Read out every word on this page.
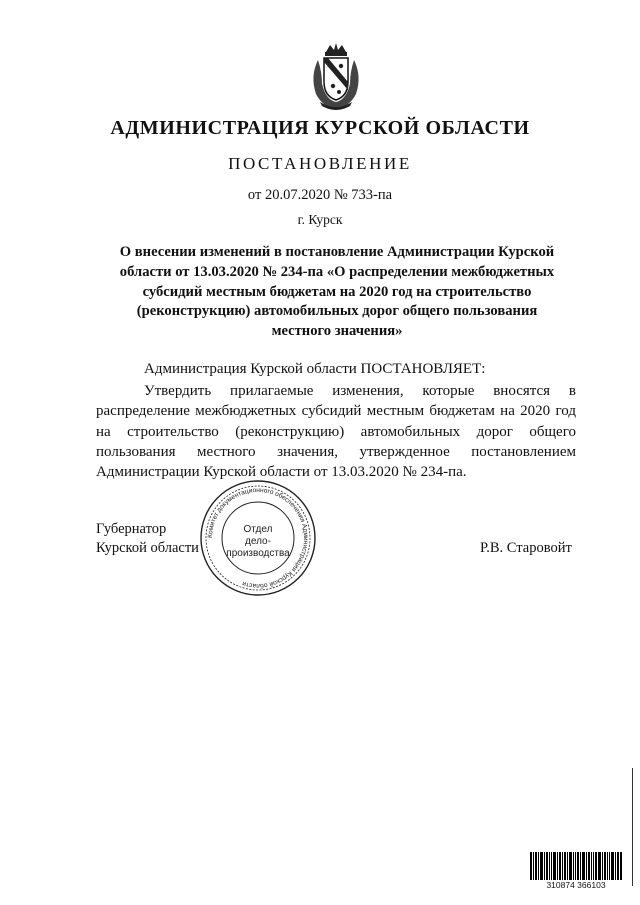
АДМИНИСТРАЦИЯ КУРСКОЙ ОБЛАСТИ
ПОСТАНОВЛЕНИЕ
от 20.07.2020 № 733-па
г. Курск
О внесении изменений в постановление Администрации Курской области от 13.03.2020 № 234-па «О распределении межбюджетных субсидий местным бюджетам на 2020 год на строительство (реконструкцию) автомобильных дорог общего пользования местного значения»
Администрация Курской области ПОСТАНОВЛЯЕТ:
Утвердить прилагаемые изменения, которые вносятся в распределение межбюджетных субсидий местным бюджетам на 2020 год на строительство (реконструкцию) автомобильных дорог общего пользования местного значения, утвержденное постановлением Администрации Курской области от 13.03.2020 № 234-па.
Губернатор
Курской области	Р.В. Старовойт
Комитет документационного обеспечения Администрации Курской области
Отдел
дело-
производства
310874 366103
